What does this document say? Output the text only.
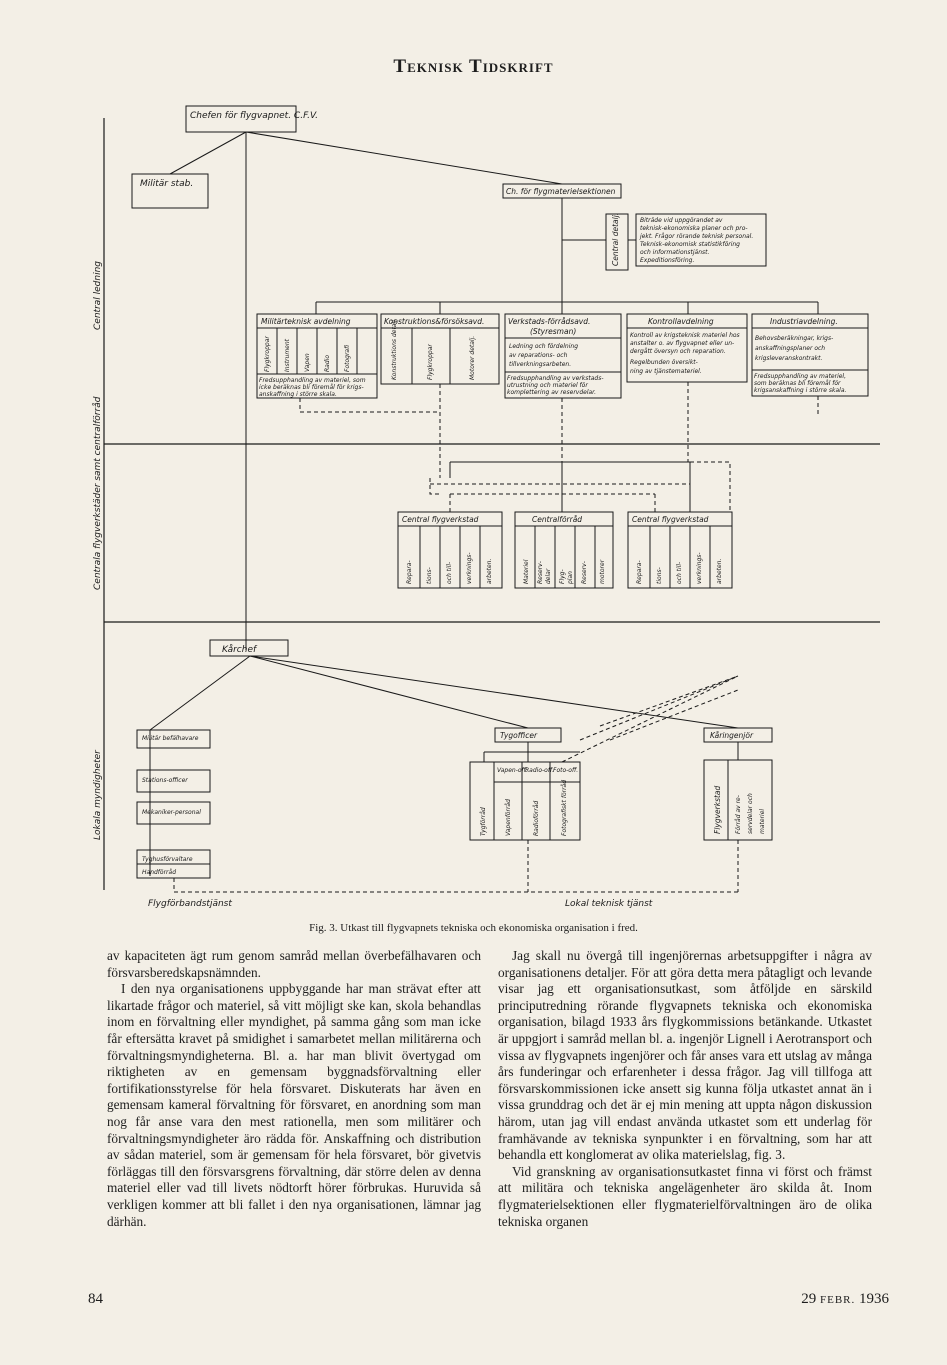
Teknisk Tidskrift
Central ledning
Centrala flygverkstäder samt centralförråd
Lokala myndigheter
Chefen för flygvapnet. C.F.V.
Militär stab.
Ch. för flygmaterielsektionen
Central detalj.	Biträde vid uppgörandet av
teknisk-ekonomiska planer och pro-
jekt. Frågor rörande teknisk personal.
Teknisk-ekonomisk statistikföring
och informationstjänst.
Expeditionsföring.
Militärteknisk avdelning
Flygkroppar Instrument Vapen Radio Fotografi
Fredsupphandling av materiel, som
icke beräknas bli föremål för krigs-
anskaffning i större skala.
Konstruktions&försöksavd.
Konstruktions detalj.	Flygkroppar	Motorer detalj.
Verkstads-förrådsavd.
(Styresman)
Ledning och fördelning
av reparations- och
tillverkningsarbeten.
Fredsupphandling av verkstads-
utrustning och materiel för
komplettering av reservdelar.
Kontrollavdelning
Kontroll av krigsteknisk materiel hos
anstalter o. av flygvapnet eller un-
dergått översyn och reparation.
Regelbunden översikt-
ning av tjänstemateriel.
Industriavdelning.
Behovsberäkningar, krigs-
anskaffningsplaner och
krigsleveranskontrakt.
Fredsupphandling av materiel,
som beräknas bli föremål för
krigsanskaffning i större skala.
Central flygverkstad
Repara- tions- och till- verknings- arbeten.
Centralförråd
Materiel Reserv- delar Flyg- plan Reserv- motorer
Central flygverkstad
Repara- tions- och till- verknings- arbeten.
Kårchef
Militär befälhavare
Stations-officer
Mekaniker-personal
Tyghusförvaltare
Handförråd
Tygofficer
Tygförråd
Vapen-off.
Radio-off.
Foto-off.
Vapenförråd	Radioförråd	Fotografiskt förråd
Kåringenjör
Flygverkstad Förråd av re- servdelar och materiel
Flygförbandstjänst	Lokal teknisk tjänst
Fig. 3. Utkast till flygvapnets tekniska och ekonomiska organisation i fred.

av kapaciteten ägt rum genom samråd mellan överbefälhavaren och försvarsberedskapsnämnden.

I den nya organisationens uppbyggande har man strävat efter att likartade frågor och materiel, så vitt möjligt ske kan, skola behandlas inom en förvaltning eller myndighet, på samma gång som man icke får eftersätta kravet på smidighet i samarbetet mellan militärerna och förvaltningsmyndigheterna. Bl. a. har man blivit övertygad om riktigheten av en gemensam byggnadsförvaltning eller fortifikationsstyrelse för hela försvaret. Diskuterats har även en gemensam kameral förvaltning för försvaret, en anordning som man nog får anse vara den mest rationella, men som militärer och förvaltningsmyndigheter äro rädda för. Anskaffning och distribution av sådan materiel, som är gemensam för hela försvaret, bör givetvis förläggas till den försvarsgrens förvaltning, där större delen av denna materiel eller vad till livets nödtorft hörer förbrukas. Huruvida så verkligen kommer att bli fallet i den nya organisationen, lämnar jag därhän.

Jag skall nu övergå till ingenjörernas arbetsuppgifter i några av organisationens detaljer. För att göra detta mera påtagligt och levande visar jag ett organisationsutkast, som åtföljde en särskild principutredning rörande flygvapnets tekniska och ekonomiska organisation, bilagd 1933 års flygkommissions betänkande. Utkastet är uppgjort i samråd mellan bl. a. ingenjör Lignell i Aerotransport och vissa av flygvapnets ingenjörer och får anses vara ett utslag av många års funderingar och erfarenheter i dessa frågor. Jag vill tillfoga att försvarskommissionen icke ansett sig kunna följa utkastet annat än i vissa grunddrag och det är ej min mening att uppta någon diskussion härom, utan jag vill endast använda utkastet som ett underlag för framhävande av tekniska synpunkter i en förvaltning, som har att behandla ett konglomerat av olika materielslag, fig. 3.

Vid granskning av organisationsutkastet finna vi först och främst att militära och tekniska angelägenheter äro skilda åt. Inom flygmaterielsektionen eller flygmaterielförvaltningen äro de olika tekniska organen

84	29 FEBR. 1936
